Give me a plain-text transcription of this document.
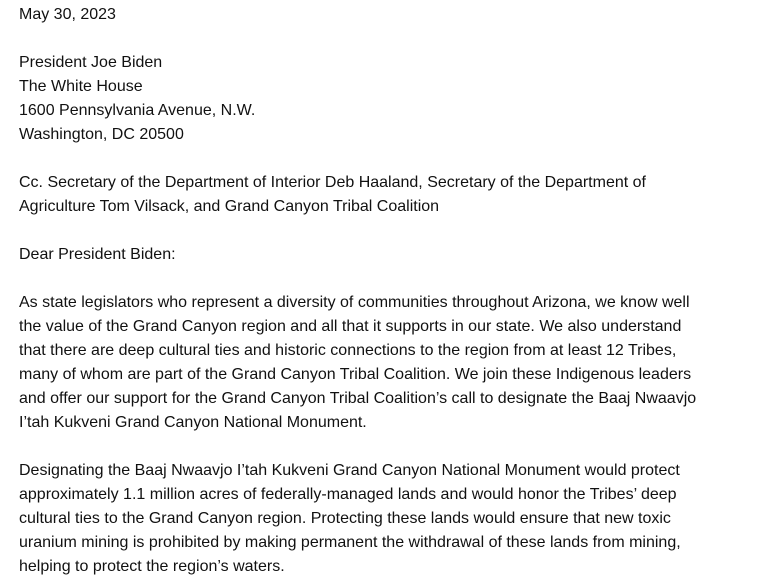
May 30, 2023
President Joe Biden
The White House
1600 Pennsylvania Avenue, N.W.
Washington, DC 20500
Cc. Secretary of the Department of Interior Deb Haaland, Secretary of the Department of
Agriculture Tom Vilsack, and Grand Canyon Tribal Coalition
Dear President Biden:
As state legislators who represent a diversity of communities throughout Arizona, we know well
the value of the Grand Canyon region and all that it supports in our state. We also understand
that there are deep cultural ties and historic connections to the region from at least 12 Tribes,
many of whom are part of the Grand Canyon Tribal Coalition. We join these Indigenous leaders
and offer our support for the Grand Canyon Tribal Coalition’s call to designate the Baaj Nwaavjo
I’tah Kukveni Grand Canyon National Monument.
Designating the Baaj Nwaavjo I’tah Kukveni Grand Canyon National Monument would protect
approximately 1.1 million acres of federally-managed lands and would honor the Tribes’ deep
cultural ties to the Grand Canyon region. Protecting these lands would ensure that new toxic
uranium mining is prohibited by making permanent the withdrawal of these lands from mining,
helping to protect the region’s waters.
